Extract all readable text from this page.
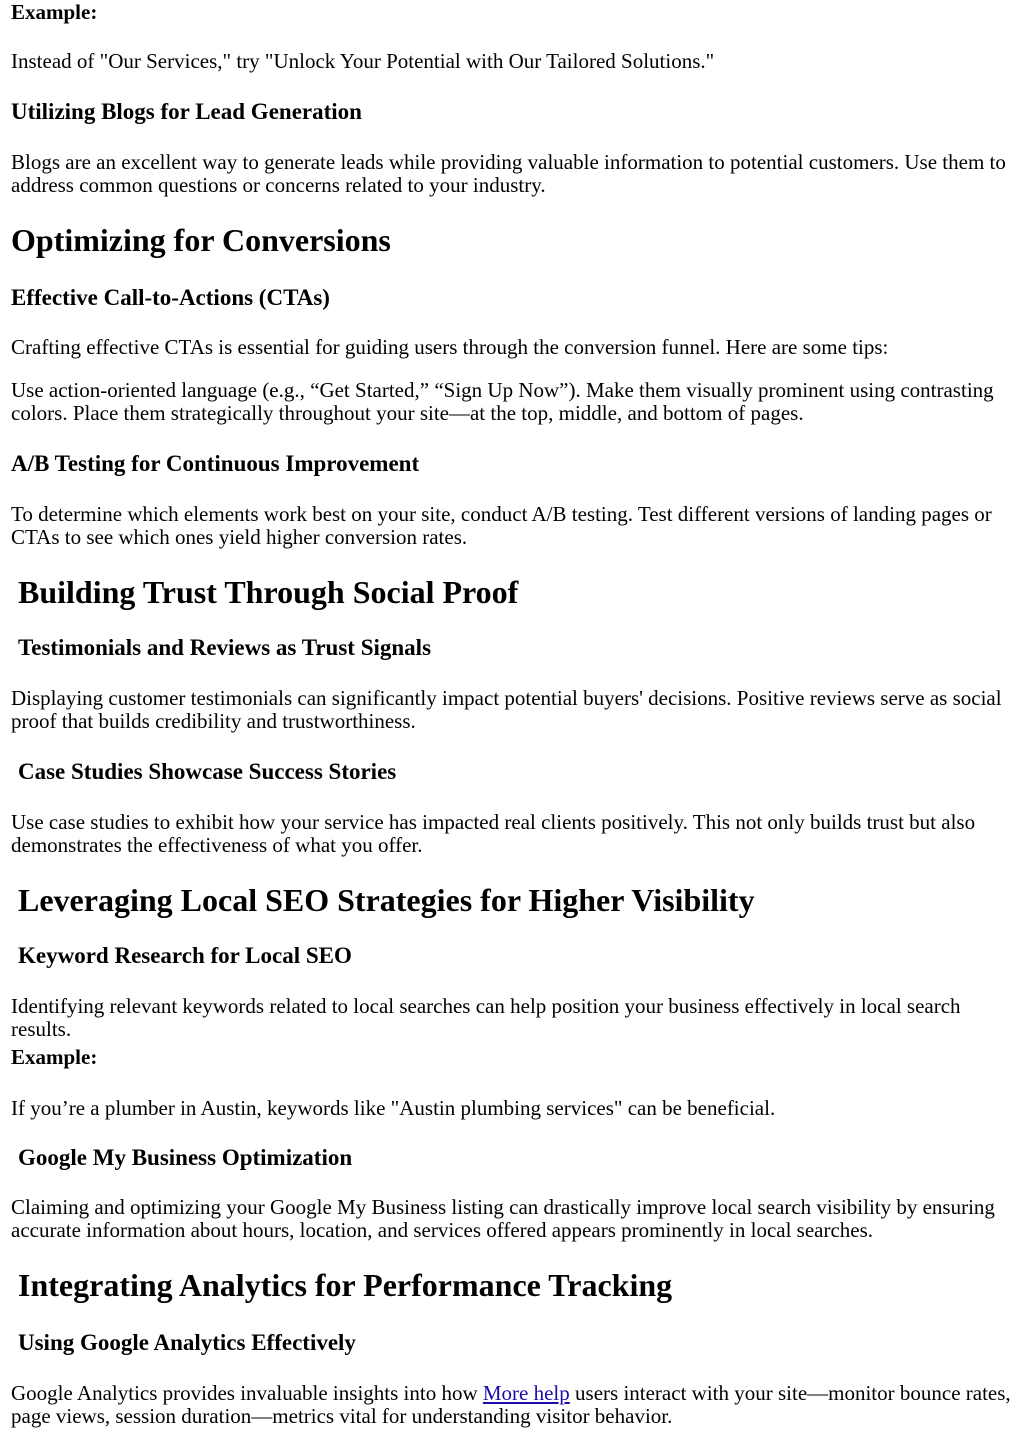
Example:

Instead of "Our Services," try "Unlock Your Potential with Our Tailored Solutions."

Utilizing Blogs for Lead Generation

Blogs are an excellent way to generate leads while providing valuable information to potential customers. Use them to address common questions or concerns related to your industry.

Optimizing for Conversions
Effective Call-to-Actions (CTAs)

Crafting effective CTAs is essential for guiding users through the conversion funnel. Here are some tips:

Use action-oriented language (e.g., “Get Started,” “Sign Up Now”). Make them visually prominent using contrasting colors. Place them strategically throughout your site—at the top, middle, and bottom of pages.

A/B Testing for Continuous Improvement

To determine which elements work best on your site, conduct A/B testing. Test different versions of landing pages or CTAs to see which ones yield higher conversion rates.

Building Trust Through Social Proof
Testimonials and Reviews as Trust Signals

Displaying customer testimonials can significantly impact potential buyers' decisions. Positive reviews serve as social proof that builds credibility and trustworthiness.

Case Studies Showcase Success Stories

Use case studies to exhibit how your service has impacted real clients positively. This not only builds trust but also demonstrates the effectiveness of what you offer.

Leveraging Local SEO Strategies for Higher Visibility
Keyword Research for Local SEO

Identifying relevant keywords related to local searches can help position your business effectively in local search results.

Example:

If you’re a plumber in Austin, keywords like "Austin plumbing services" can be beneficial.

Google My Business Optimization

Claiming and optimizing your Google My Business listing can drastically improve local search visibility by ensuring accurate information about hours, location, and services offered appears prominently in local searches.

Integrating Analytics for Performance Tracking
Using Google Analytics Effectively

Google Analytics provides invaluable insights into how More help users interact with your site—monitor bounce rates, page views, session duration—metrics vital for understanding visitor behavior.
